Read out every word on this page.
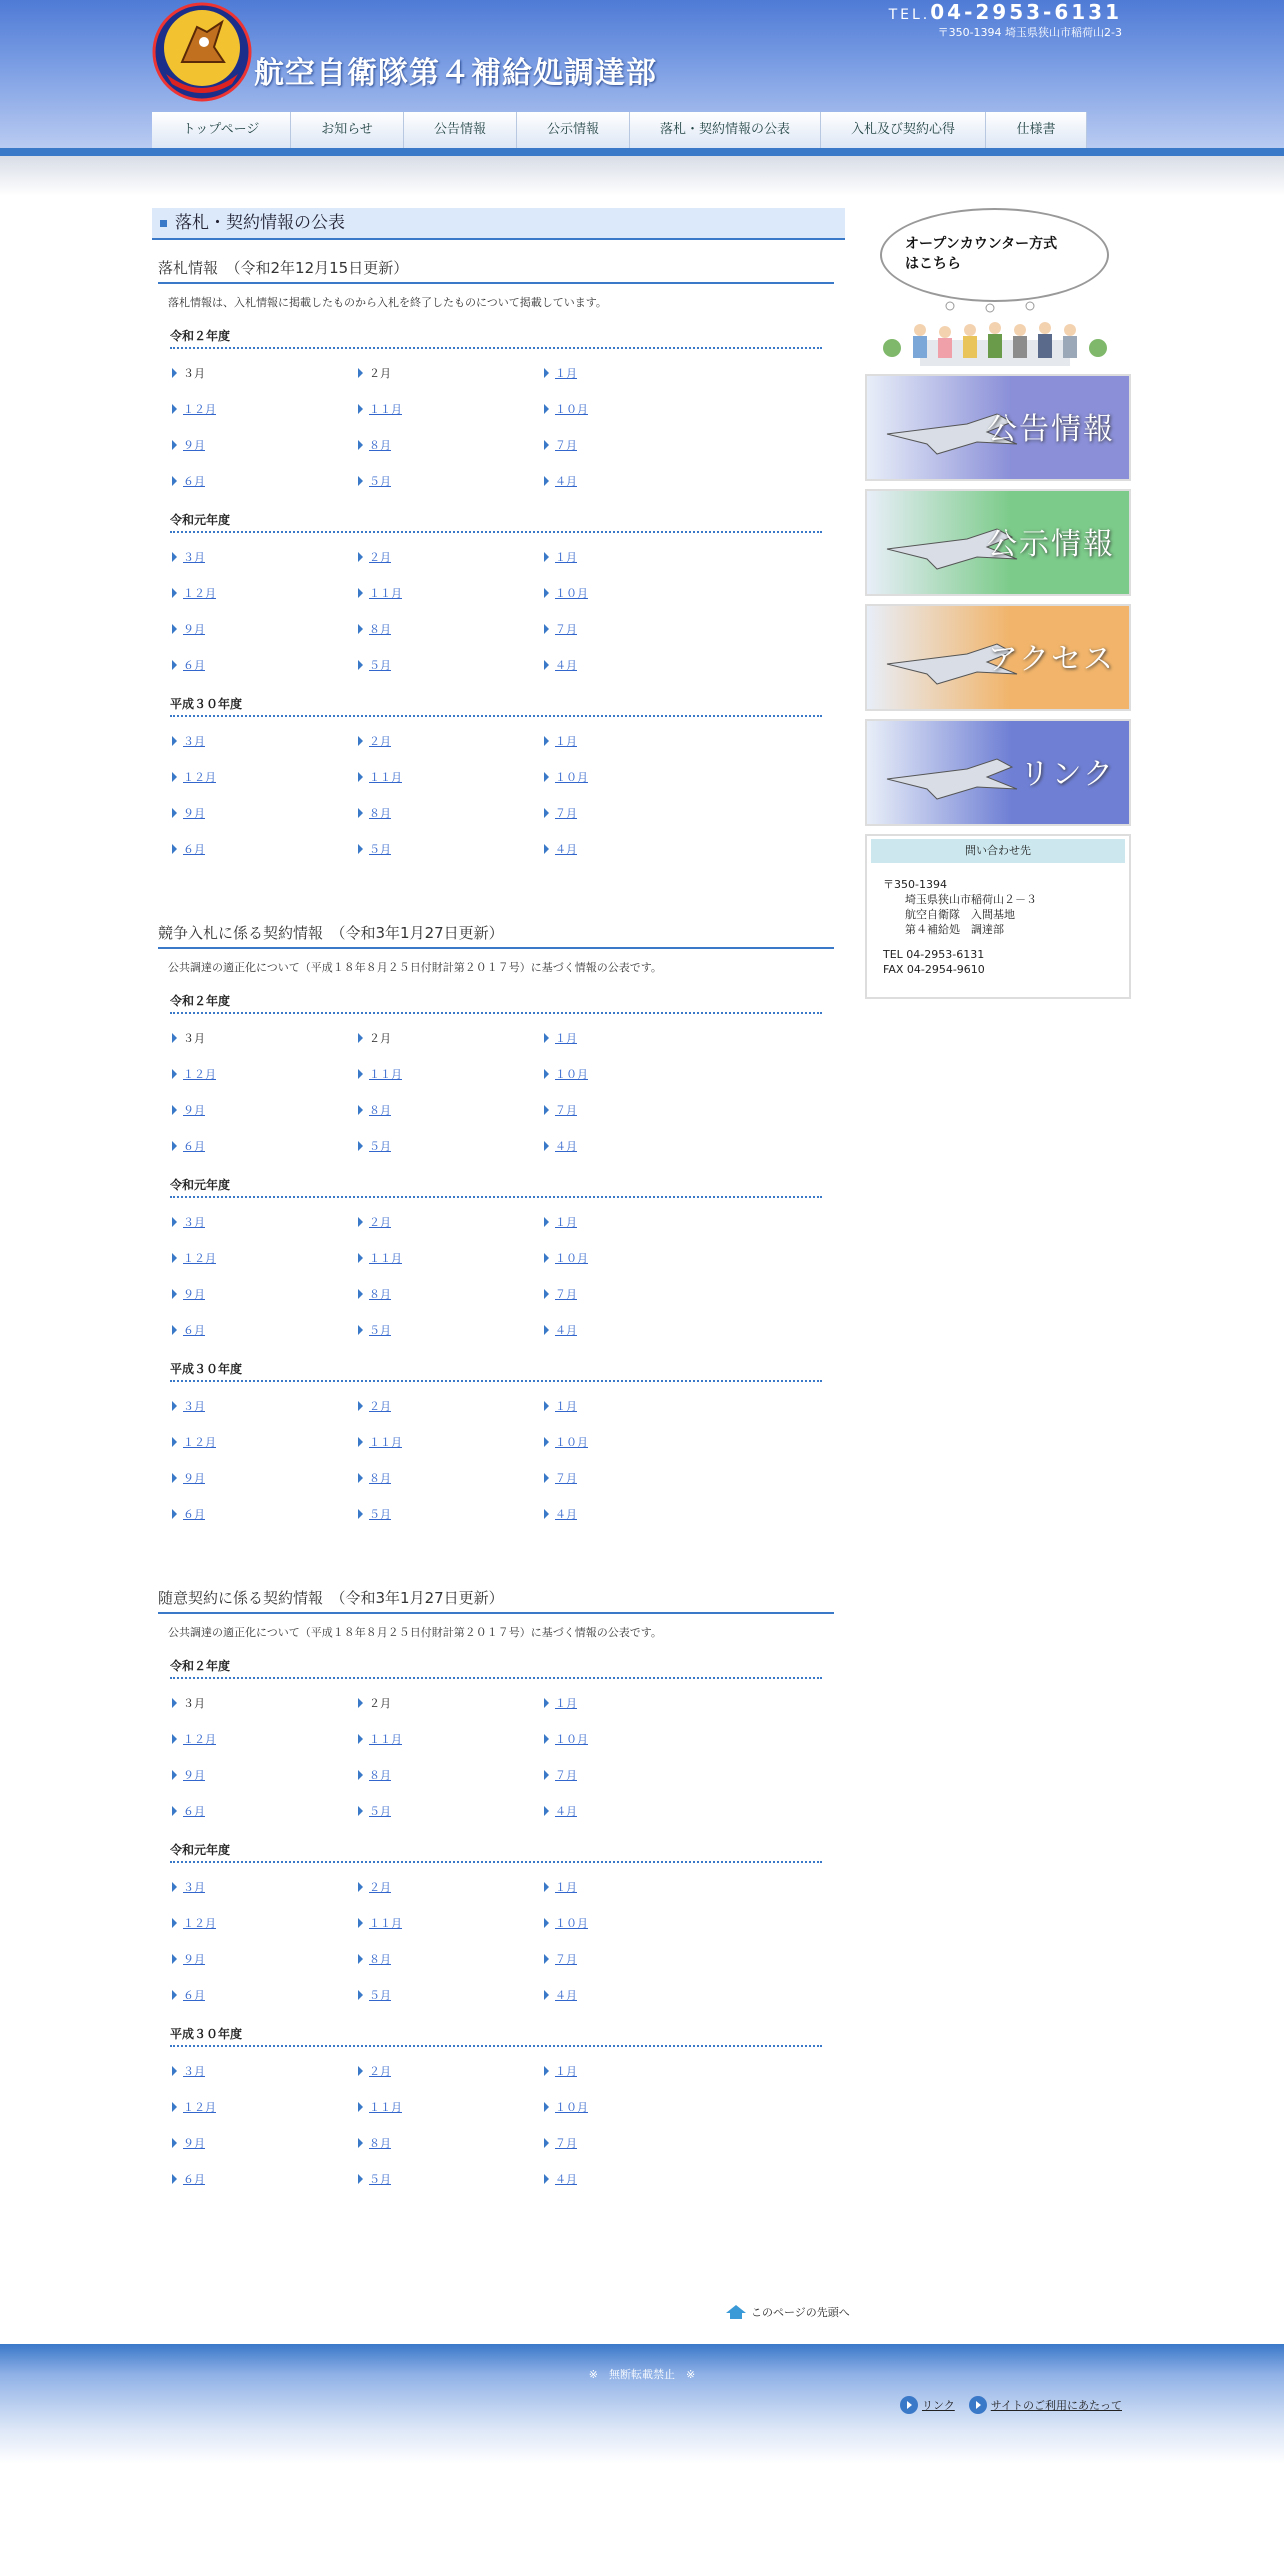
航空自衛隊第４補給処調達部
TEL.04-2953-6131
〒350-1394 埼玉県狭山市稲荷山2-3
トップページ	お知らせ	公告情報	公示情報	落札・契約情報の公表	入札及び契約心得	仕様書
落札・契約情報の公表
落札情報　（令和2年12月15日更新）
落札情報は、入札情報に掲載したものから入札を終了したものについて掲載しています。
令和２年度
３月	２月	１月
１２月	１１月	１０月
９月	８月	７月
６月	５月	４月
令和元年度
３月	２月	１月
１２月	１１月	１０月
９月	８月	７月
６月	５月	４月
平成３０年度
３月	２月	１月
１２月	１１月	１０月
９月	８月	７月
６月	５月	４月
競争入札に係る契約情報　（令和3年1月27日更新）
公共調達の適正化について（平成１８年８月２５日付財計第２０１７号）に基づく情報の公表です。
令和２年度
３月	２月	１月
１２月	１１月	１０月
９月	８月	７月
６月	５月	４月
令和元年度
３月	２月	１月
１２月	１１月	１０月
９月	８月	７月
６月	５月	４月
平成３０年度
３月	２月	１月
１２月	１１月	１０月
９月	８月	７月
６月	５月	４月
随意契約に係る契約情報　（令和3年1月27日更新）
公共調達の適正化について（平成１８年８月２５日付財計第２０１７号）に基づく情報の公表です。
令和２年度
３月	２月	１月
１２月	１１月	１０月
９月	８月	７月
６月	５月	４月
令和元年度
３月	２月	１月
１２月	１１月	１０月
９月	８月	７月
６月	５月	４月
平成３０年度
３月	２月	１月
１２月	１１月	１０月
９月	８月	７月
６月	５月	４月
オープンカウンター方式
はこちら
公告情報
公示情報
アクセス
リンク
問い合わせ先
〒350-1394
埼玉県狭山市稲荷山２－３
航空自衛隊　入間基地
第４補給処　調達部
TEL 04-2953-6131
FAX 04-2954-9610
このページの先頭へ
※　無断転載禁止　※
リンク	サイトのご利用にあたって
